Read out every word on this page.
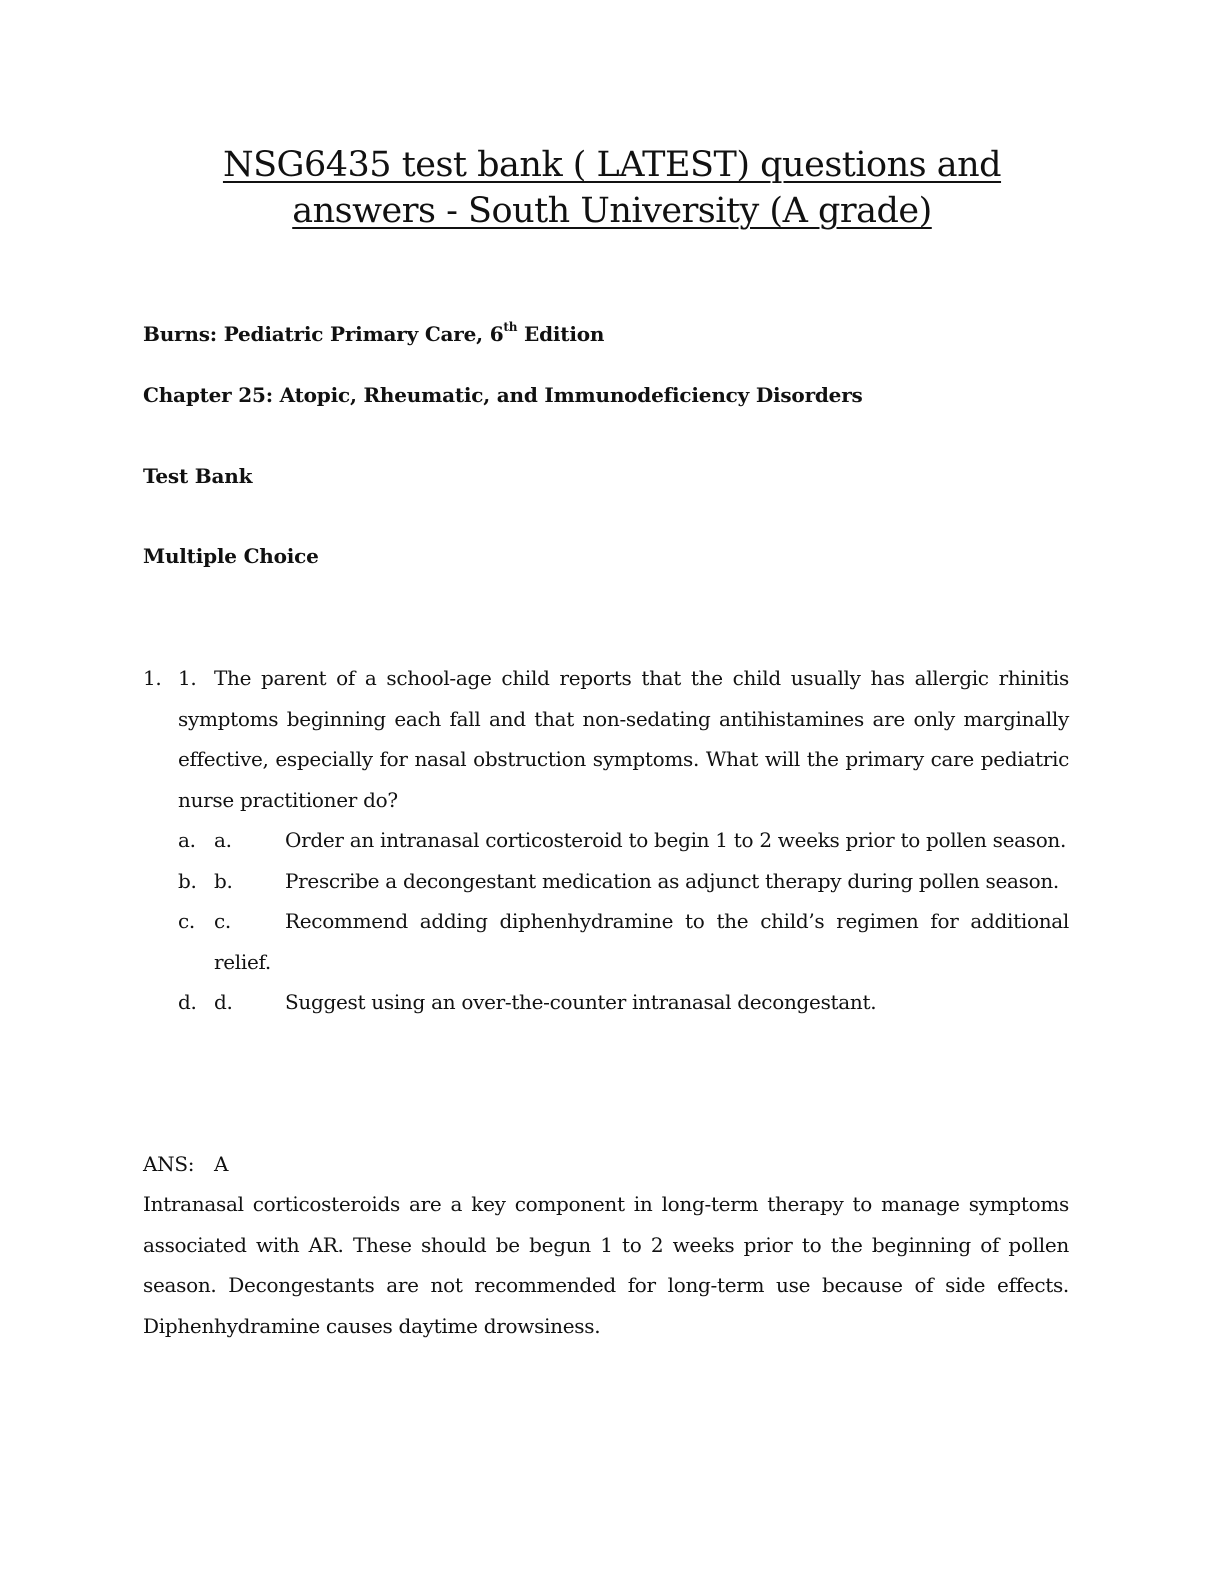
NSG6435 test bank ( LATEST) questions and
answers - South University (A grade)
Burns: Pediatric Primary Care, 6th Edition
Chapter 25: Atopic, Rheumatic, and Immunodeficiency Disorders
Test Bank
Multiple Choice
1. 1. The parent of a school-age child reports that the child usually has allergic rhinitis symptoms beginning each fall and that non-sedating antihistamines are only marginally effective, especially for nasal obstruction symptoms. What will the primary care pediatric nurse practitioner do?
a. a.	Order an intranasal corticosteroid to begin 1 to 2 weeks prior to pollen season.
b. b.	Prescribe a decongestant medication as adjunct therapy during pollen season.
c. c.	Recommend adding diphenhydramine to the child’s regimen for additional relief.
d. d.	Suggest using an over-the-counter intranasal decongestant.
ANS: A
Intranasal corticosteroids are a key component in long-term therapy to manage symptoms associated with AR. These should be begun 1 to 2 weeks prior to the beginning of pollen season. Decongestants are not recommended for long-term use because of side effects. Diphenhydramine causes daytime drowsiness.
